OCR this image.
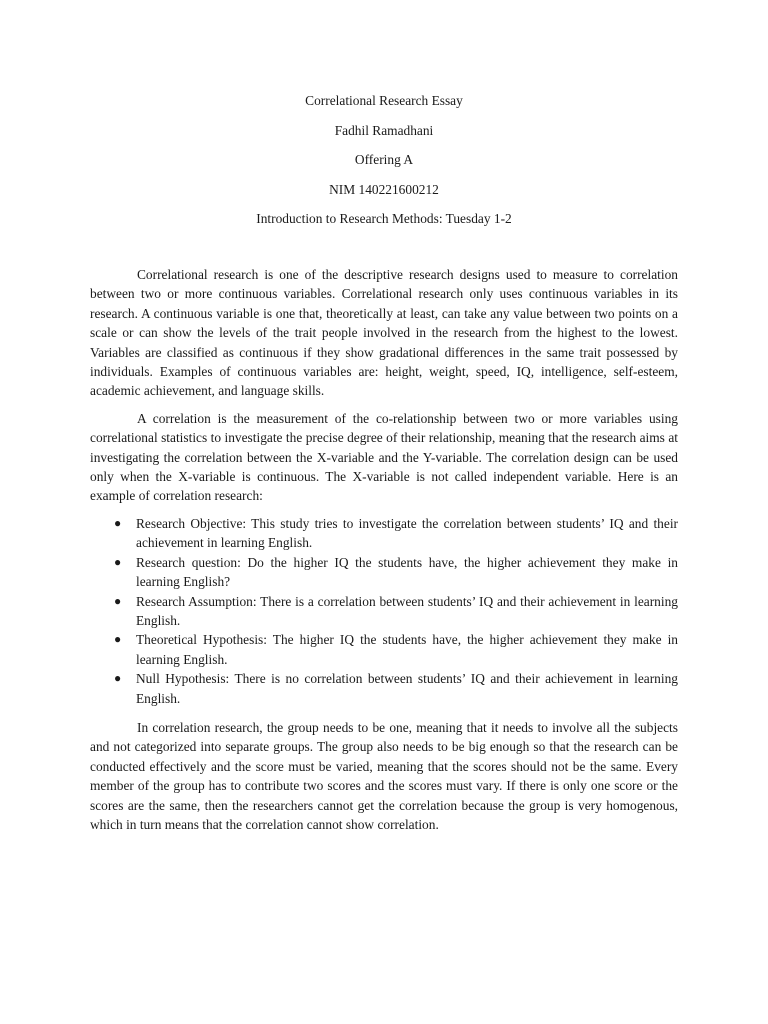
Correlational Research Essay
Fadhil Ramadhani
Offering A
NIM 140221600212
Introduction to Research Methods: Tuesday 1-2

Correlational research is one of the descriptive research designs used to measure to correlation between two or more continuous variables. Correlational research only uses continuous variables in its research. A continuous variable is one that, theoretically at least, can take any value between two points on a scale or can show the levels of the trait people involved in the research from the highest to the lowest. Variables are classified as continuous if they show gradational differences in the same trait possessed by individuals. Examples of continuous variables are: height, weight, speed, IQ, intelligence, self-esteem, academic achievement, and language skills.

A correlation is the measurement of the co-relationship between two or more variables using correlational statistics to investigate the precise degree of their relationship, meaning that the research aims at investigating the correlation between the X-variable and the Y-variable. The correlation design can be used only when the X-variable is continuous. The X-variable is not called independent variable. Here is an example of correlation research:

● Research Objective: This study tries to investigate the correlation between students’ IQ and their achievement in learning English.
● Research question: Do the higher IQ the students have, the higher achievement they make in learning English?
● Research Assumption: There is a correlation between students’ IQ and their achievement in learning English.
● Theoretical Hypothesis: The higher IQ the students have, the higher achievement they make in learning English.
● Null Hypothesis: There is no correlation between students’ IQ and their achievement in learning English.

In correlation research, the group needs to be one, meaning that it needs to involve all the subjects and not categorized into separate groups. The group also needs to be big enough so that the research can be conducted effectively and the score must be varied, meaning that the scores should not be the same. Every member of the group has to contribute two scores and the scores must vary. If there is only one score or the scores are the same, then the researchers cannot get the correlation because the group is very homogenous, which in turn means that the correlation cannot show correlation.
